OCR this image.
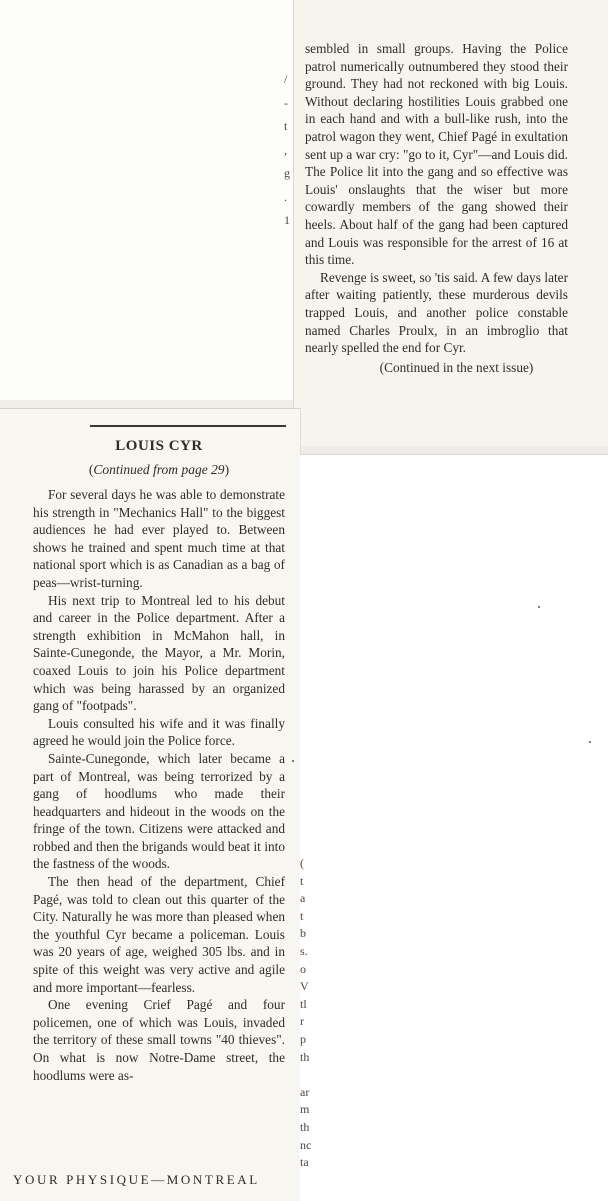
/
-
t
,
g
.
1

sembled in small groups. Having the Police patrol numerically outnumbered they stood their ground. They had not reckoned with big Louis. Without declaring hostilities Louis grabbed one in each hand and with a bull-like rush, into the patrol wagon they went, Chief Pagé in exultation sent up a war cry: "go to it, Cyr"—and Louis did. The Police lit into the gang and so effective was Louis' onslaughts that the wiser but more cowardly members of the gang showed their heels. About half of the gang had been captured and Louis was responsible for the arrest of 16 at this time.

Revenge is sweet, so 'tis said. A few days later after waiting patiently, these murderous devils trapped Louis, and another police constable named Charles Proulx, in an imbroglio that nearly spelled the end for Cyr.

(Continued in the next issue)

LOUIS CYR
(Continued from page 29)

For several days he was able to demonstrate his strength in "Mechanics Hall" to the biggest audiences he had ever played to. Between shows he trained and spent much time at that national sport which is as Canadian as a bag of peas—wrist-turning.

His next trip to Montreal led to his debut and career in the Police department. After a strength exhibition in McMahon hall, in Sainte-Cunegonde, the Mayor, a Mr. Morin, coaxed Louis to join his Police department which was being harassed by an organized gang of "footpads".

Louis consulted his wife and it was finally agreed he would join the Police force.

Sainte-Cunegonde, which later became a part of Montreal, was being terrorized by a gang of hoodlums who made their headquarters and hideout in the woods on the fringe of the town. Citizens were attacked and robbed and then the brigands would beat it into the fastness of the woods.

The then head of the department, Chief Pagé, was told to clean out this quarter of the City. Naturally he was more than pleased when the youthful Cyr became a policeman. Louis was 20 years of age, weighed 305 lbs. and in spite of this weight was very active and agile and more important—fearless.

One evening Crief Pagé and four policemen, one of which was Louis, invaded the territory of these small towns "40 thieves". On what is now Notre-Dame street, the hoodlums were as-

(
t
a
t
b
s.
o
V
tl
r
p
th
ar
m
th
nc
ta
YOUR PHYSIQUE—MONTREAL
